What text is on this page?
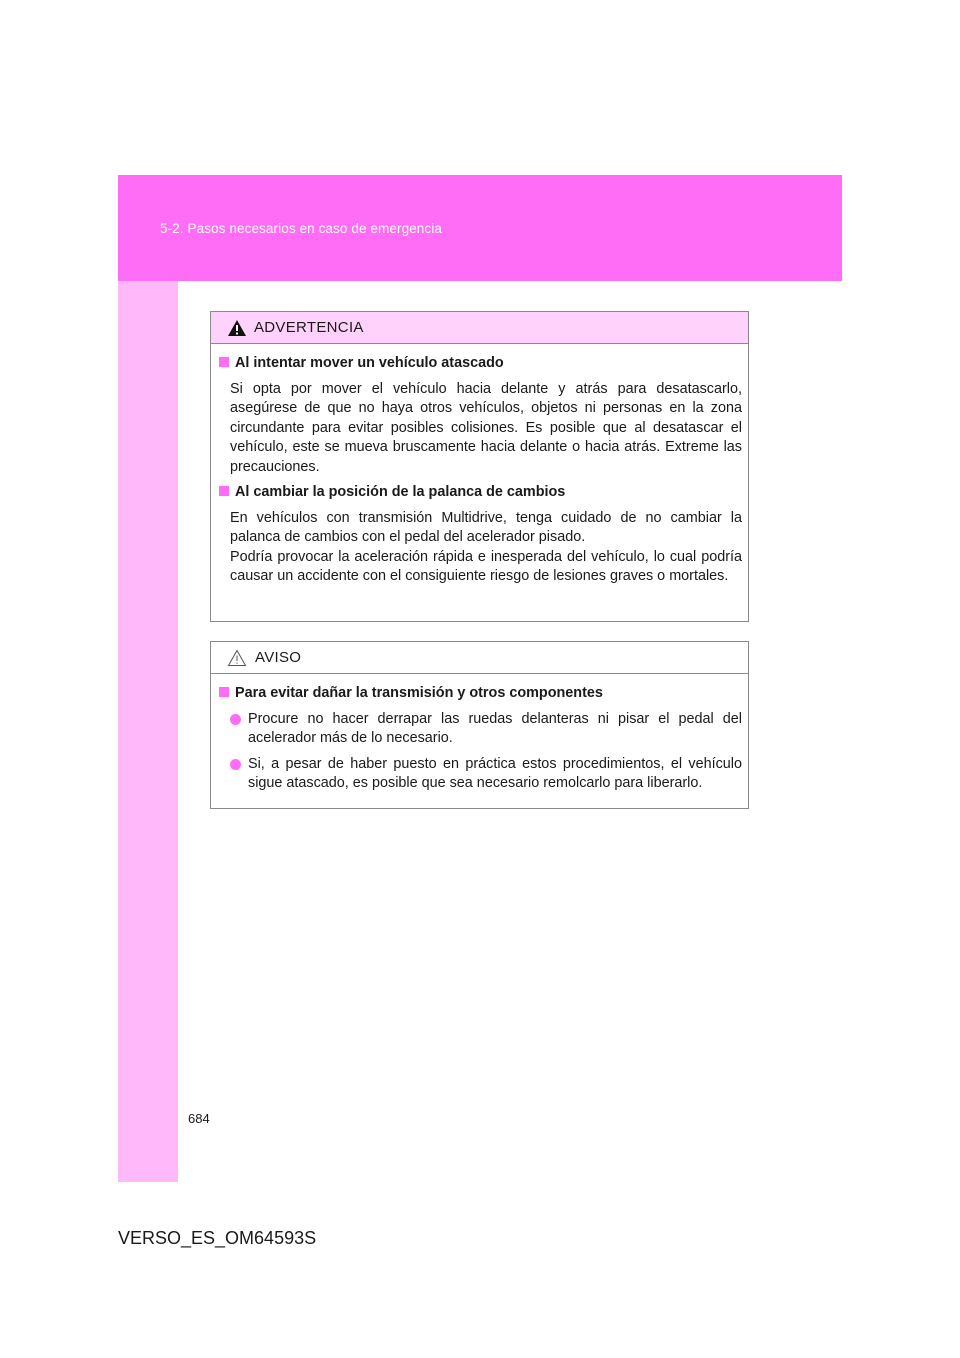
5-2. Pasos necesarios en caso de emergencia
ADVERTENCIA
Al intentar mover un vehículo atascado

Si opta por mover el vehículo hacia delante y atrás para desatascarlo, asegúrese de que no haya otros vehículos, objetos ni personas en la zona circundante para evitar posibles colisiones. Es posible que al desatascar el vehículo, este se mueva bruscamente hacia delante o hacia atrás. Extreme las precauciones.

Al cambiar la posición de la palanca de cambios

En vehículos con transmisión Multidrive, tenga cuidado de no cambiar la palanca de cambios con el pedal del acelerador pisado.

Podría provocar la aceleración rápida e inesperada del vehículo, lo cual podría causar un accidente con el consiguiente riesgo de lesiones graves o mortales.

AVISO
Para evitar dañar la transmisión y otros componentes
Procure no hacer derrapar las ruedas delanteras ni pisar el pedal del acelerador más de lo necesario.
Si, a pesar de haber puesto en práctica estos procedimientos, el vehículo sigue atascado, es posible que sea necesario remolcarlo para liberarlo.
684
VERSO_ES_OM64593S
